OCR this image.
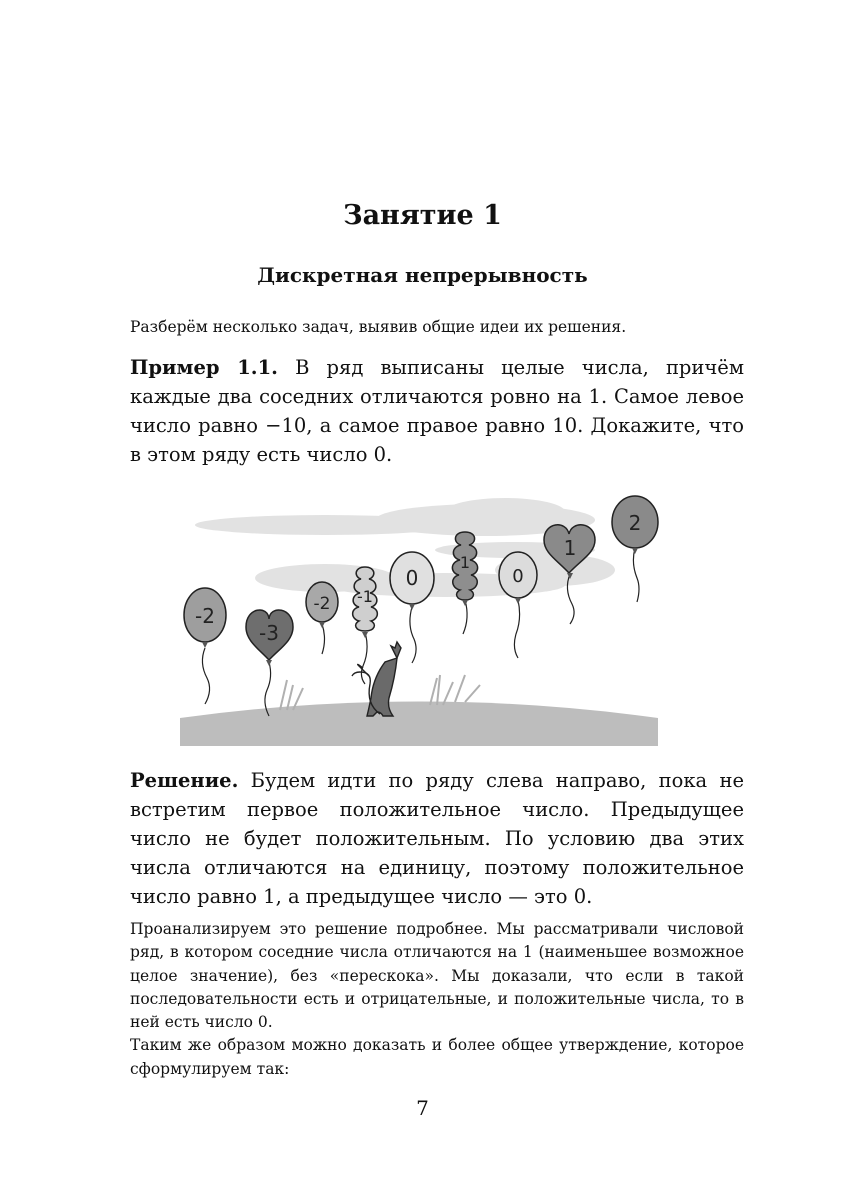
Занятие 1
Дискретная непрерывность
Разберём несколько задач, выявив общие идеи их решения.
Пример 1.1. В ряд выписаны целые числа, причём каждые два соседних отличаются ровно на 1. Самое левое число равно −10, а самое правое равно 10. Докажите, что в этом ряду есть число 0.
-2
-3
-2 -1
0
1
0
1
2
Решение. Будем идти по ряду слева направо, пока не встретим первое положительное число. Предыдущее число не будет положительным. По условию два этих числа отличаются на единицу, поэтому положительное число равно 1, а предыдущее число — это 0.

Проанализируем это решение подробнее. Мы рассматривали числовой ряд, в котором соседние числа отличаются на 1 (наименьшее возможное целое значение), без «перескока». Мы доказали, что если в такой последовательности есть и отрицательные, и положительные числа, то в ней есть число 0.

Таким же образом можно доказать и более общее утверждение, которое сформулируем так:

7
